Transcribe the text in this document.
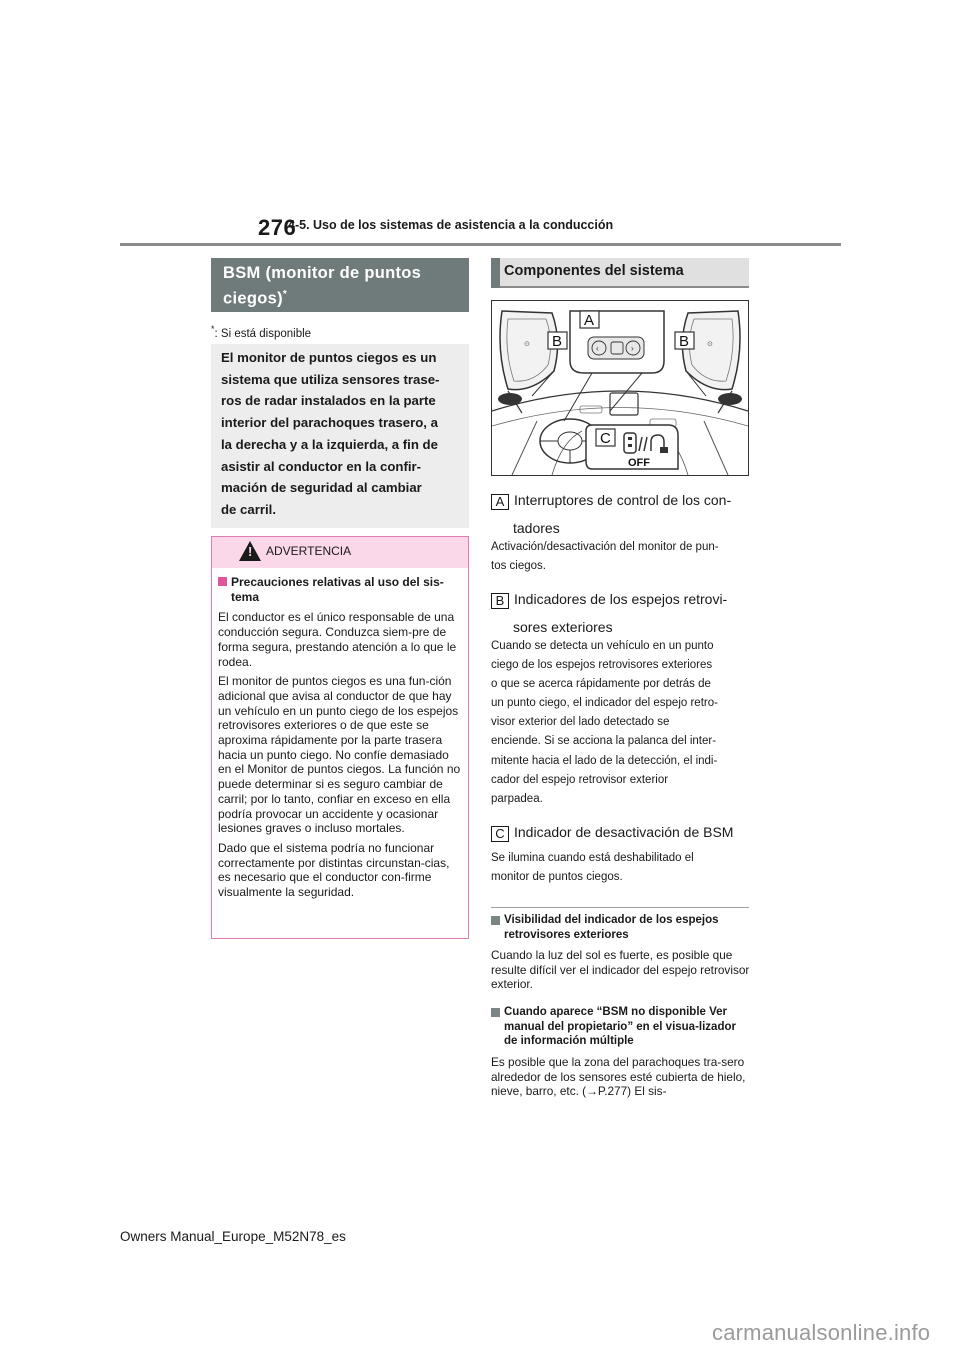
276
4-5. Uso de los sistemas de asistencia a la conducción
BSM (monitor de puntos
ciegos)*
*: Si está disponible
El monitor de puntos ciegos es un
sistema que utiliza sensores trase-
ros de radar instalados en la parte
interior del parachoques trasero, a
la derecha y a la izquierda, a fin de
asistir al conductor en la confir-
mación de seguridad al cambiar
de carril.
! ADVERTENCIA
Precauciones relativas al uso del sis-tema

El conductor es el único responsable de una conducción segura. Conduzca siem-pre de forma segura, prestando atención a lo que le rodea.

El monitor de puntos ciegos es una fun-ción adicional que avisa al conductor de que hay un vehículo en un punto ciego de los espejos retrovisores exteriores o de que este se aproxima rápidamente por la parte trasera hacia un punto ciego. No confíe demasiado en el Monitor de puntos ciegos. La función no puede determinar si es seguro cambiar de carril; por lo tanto, confiar en exceso en ella podría provocar un accidente y ocasionar lesiones graves o incluso mortales.

Dado que el sistema podría no funcionar correctamente por distintas circunstan-cias, es necesario que el conductor con-firme visualmente la seguridad.

Componentes del sistema
⊙	⊙
‹	›
A
B	B
C
OFF
A Interruptores de control de los con-
tadores
Activación/desactivación del monitor de pun-
tos ciegos.
B Indicadores de los espejos retrovi-
sores exteriores
Cuando se detecta un vehículo en un punto
ciego de los espejos retrovisores exteriores
o que se acerca rápidamente por detrás de
un punto ciego, el indicador del espejo retro-
visor exterior del lado detectado se
enciende. Si se acciona la palanca del inter-
mitente hacia el lado de la detección, el indi-
cador del espejo retrovisor exterior
parpadea.
C Indicador de desactivación de BSM
Se ilumina cuando está deshabilitado el
monitor de puntos ciegos.
Visibilidad del indicador de los espejos retrovisores exteriores
Cuando la luz del sol es fuerte, es posible que resulte difícil ver el indicador del espejo retrovisor exterior.
Cuando aparece “BSM no disponible Ver manual del propietario” en el visua-lizador de información múltiple
Es posible que la zona del parachoques tra-sero alrededor de los sensores esté cubierta de hielo, nieve, barro, etc. (→P.277) El sis-
Owners Manual_Europe_M52N78_es
carmanualsonline.info
